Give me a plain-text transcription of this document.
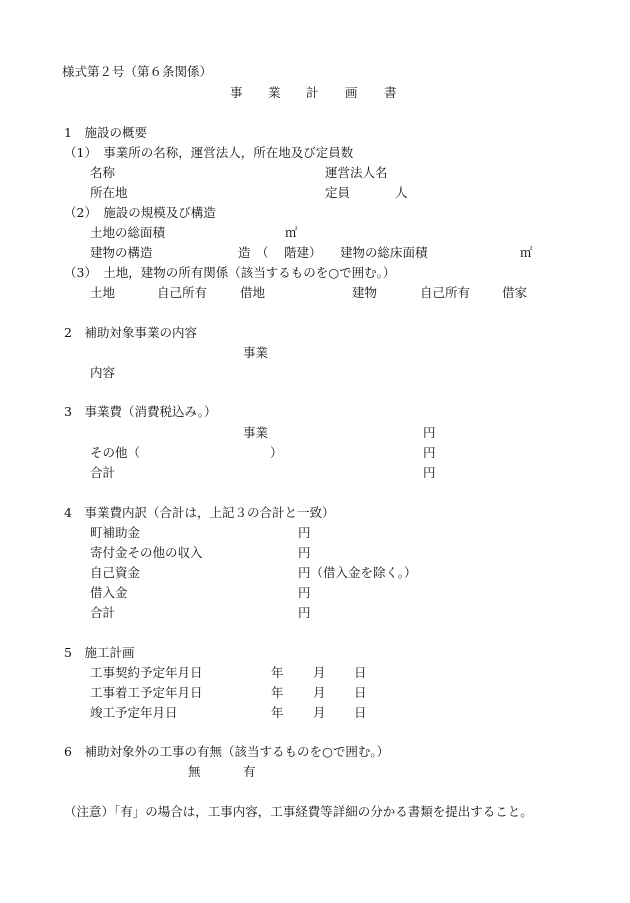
様式第２号（第６条関係）
事 業 計 画 書
1　施設の概要
（1）　事業所の名称，運営法人，所在地及び定員数
名称	運営法人名
所在地	定員	人
（2）　施設の規模及び構造
土地の総面積	㎡
建物の構造	造 （ 階建） 建物の総床面積	㎡
（3）　土地，建物の所有関係（該当するものを○で囲む。）
土地	自己所有	借地	建物	自己所有	借家
2　補助対象事業の内容
事業
内容
3　事業費（消費税込み。）
事業	円
その他（	）	円
合計	円
4　事業費内訳（合計は，上記３の合計と一致）
町補助金	円
寄付金その他の収入	円
自己資金	円（借入金を除く。）
借入金	円
合計	円
5　施工計画
工事契約予定年月日	年 月 日
工事着工予定年月日	年 月 日
竣工予定年月日	年 月 日
6　補助対象外の工事の有無（該当するものを○で囲む。）
無	有
（注意）「有」の場合は，工事内容，工事経費等詳細の分かる書類を提出すること。
